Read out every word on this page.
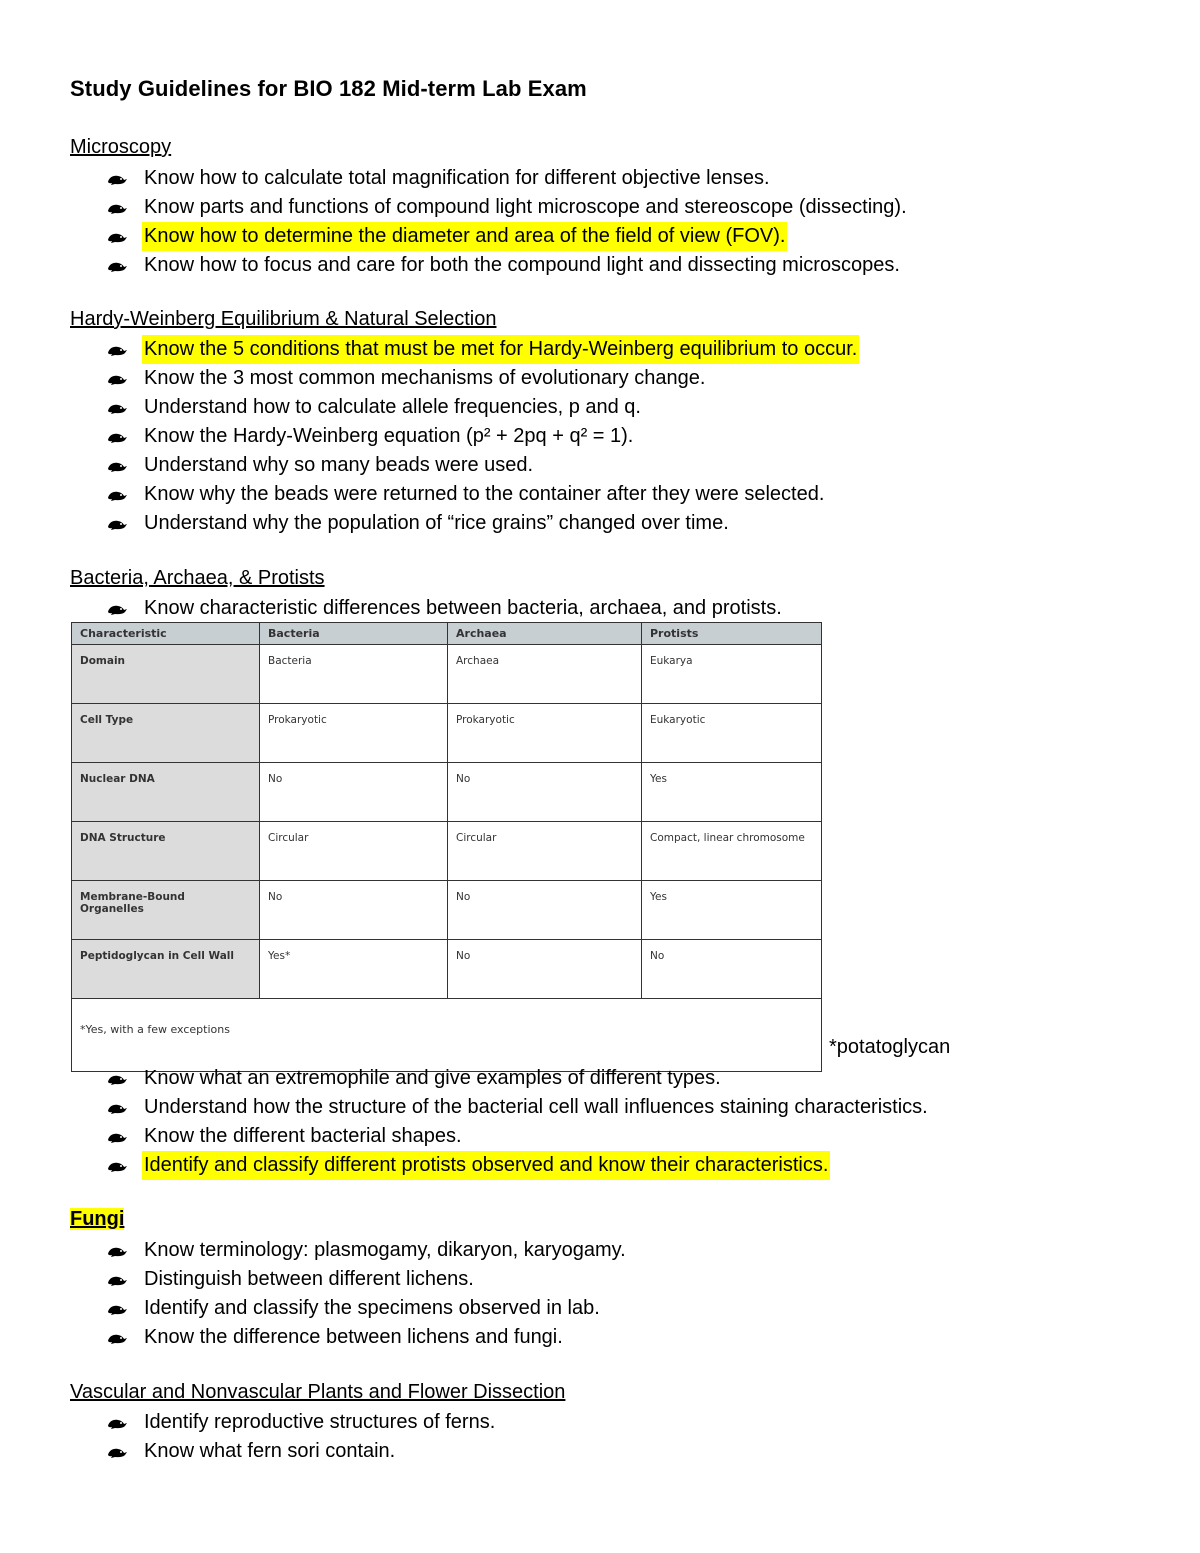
Study Guidelines for BIO 182 Mid-term Lab Exam
Microscopy
Know how to calculate total magnification for different objective lenses.
Know parts and functions of compound light microscope and stereoscope (dissecting).
Know how to determine the diameter and area of the field of view (FOV).
Know how to focus and care for both the compound light and dissecting microscopes.
Hardy-Weinberg Equilibrium & Natural Selection
Know the 5 conditions that must be met for Hardy-Weinberg equilibrium to occur.
Know the 3 most common mechanisms of evolutionary change.
Understand how to calculate allele frequencies, p and q.
Know the Hardy-Weinberg equation (p² + 2pq + q² = 1).
Understand why so many beads were used.
Know why the beads were returned to the container after they were selected.
Understand why the population of “rice grains” changed over time.
Bacteria, Archaea, & Protists
Know characteristic differences between bacteria, archaea, and protists.
Characteristic	Bacteria	Archaea	Protists
Domain	Bacteria	Archaea	Eukarya
Cell Type	Prokaryotic	Prokaryotic	Eukaryotic
Nuclear DNA	No	No	Yes
DNA Structure	Circular	Circular	Compact, linear chromosome
Membrane-Bound Organelles	No	No	Yes
Peptidoglycan in Cell Wall	Yes*	No	No
*Yes, with a few exceptions			
*potatoglycan
Know what an extremophile and give examples of different types.
Understand how the structure of the bacterial cell wall influences staining characteristics.
Know the different bacterial shapes.
Identify and classify different protists observed and know their characteristics.
Fungi
Know terminology: plasmogamy, dikaryon, karyogamy.
Distinguish between different lichens.
Identify and classify the specimens observed in lab.
Know the difference between lichens and fungi.
Vascular and Nonvascular Plants and Flower Dissection
Identify reproductive structures of ferns.
Know what fern sori contain.
